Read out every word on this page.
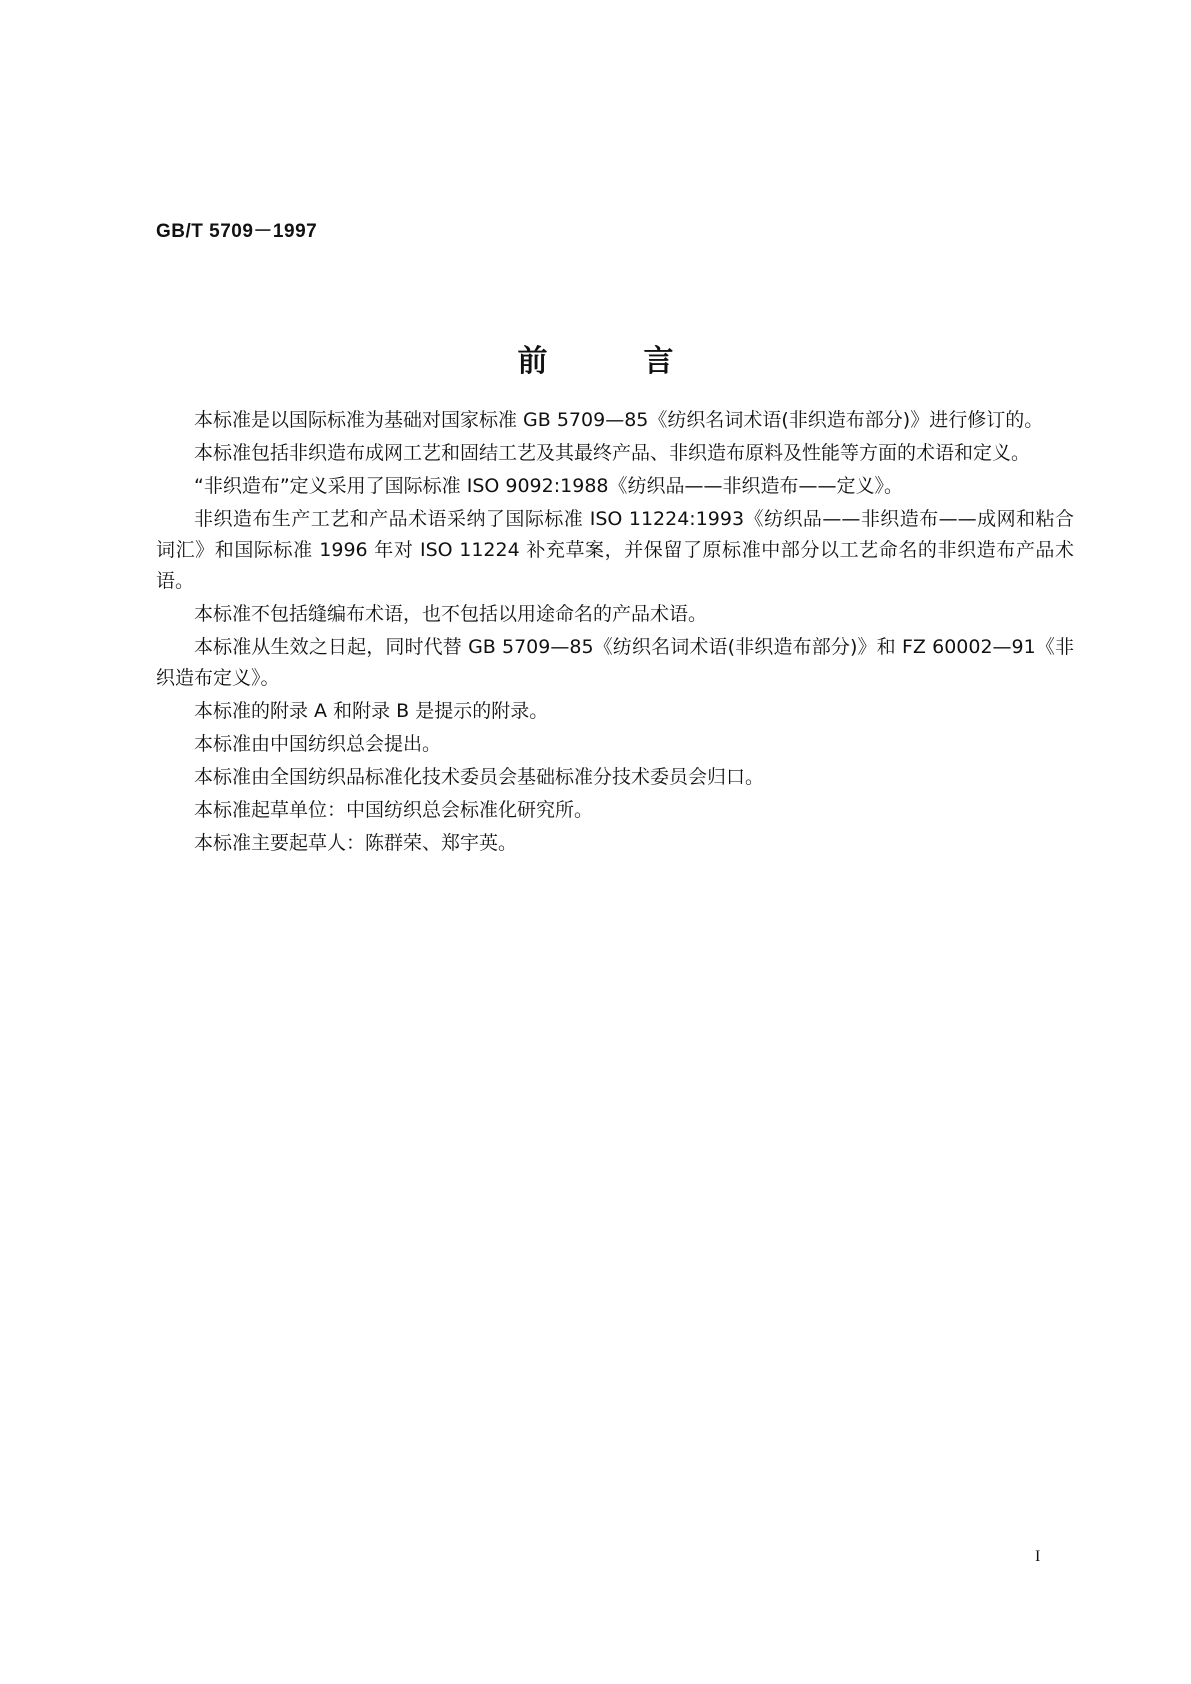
GB/T 5709－1997
前言

本标准是以国际标准为基础对国家标准 GB 5709—85《纺织名词术语(非织造布部分)》进行修订的。

本标准包括非织造布成网工艺和固结工艺及其最终产品、非织造布原料及性能等方面的术语和定义。

“非织造布”定义采用了国际标准 ISO 9092:1988《纺织品——非织造布——定义》。

非织造布生产工艺和产品术语采纳了国际标准 ISO 11224:1993《纺织品——非织造布——成网和粘合词汇》和国际标准 1996 年对 ISO 11224 补充草案，并保留了原标准中部分以工艺命名的非织造布产品术语。

本标准不包括缝编布术语，也不包括以用途命名的产品术语。

本标准从生效之日起，同时代替 GB 5709—85《纺织名词术语(非织造布部分)》和 FZ 60002—91《非织造布定义》。

本标准的附录 A 和附录 B 是提示的附录。

本标准由中国纺织总会提出。

本标准由全国纺织品标准化技术委员会基础标准分技术委员会归口。

本标准起草单位：中国纺织总会标准化研究所。

本标准主要起草人：陈群荣、郑宇英。

I
